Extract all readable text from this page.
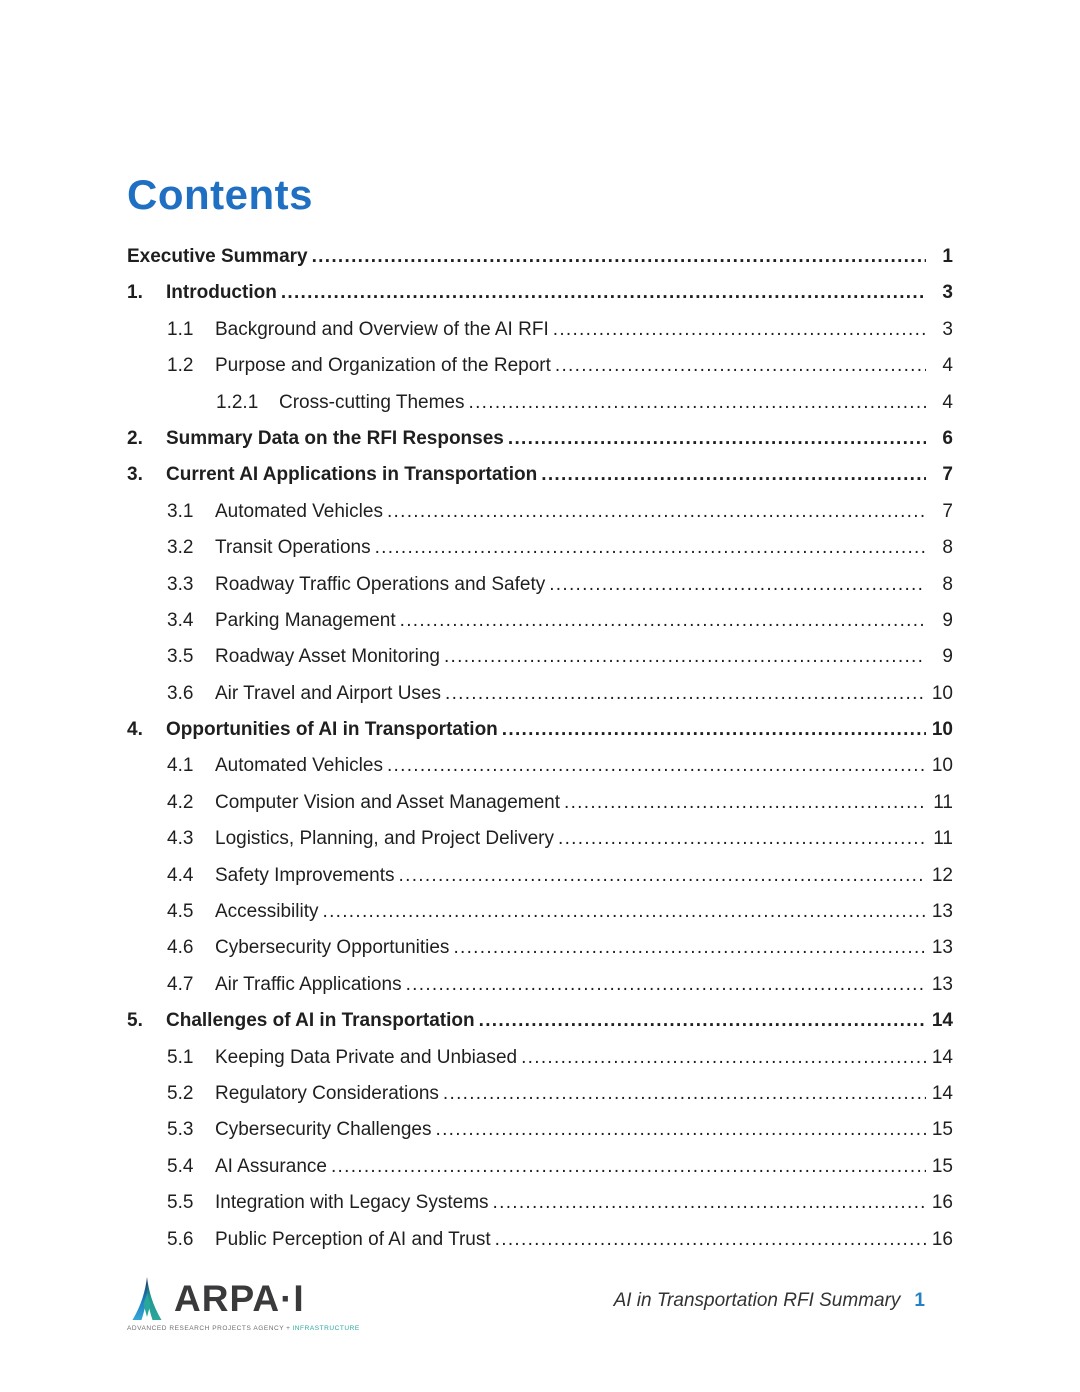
Contents
Executive Summary .....	1
1.	Introduction .....	3
1.1	Background and Overview of the AI RFI .....	3
1.2	Purpose and Organization of the Report .....	4
1.2.1	Cross-cutting Themes .....	4
2.	Summary Data on the RFI Responses .....	6
3.	Current AI Applications in Transportation .....	7
3.1	Automated Vehicles .....	7
3.2	Transit Operations .....	8
3.3	Roadway Traffic Operations and Safety .....	8
3.4	Parking Management .....	9
3.5	Roadway Asset Monitoring .....	9
3.6	Air Travel and Airport Uses .....	10
4.	Opportunities of AI in Transportation .....	10
4.1	Automated Vehicles .....	10
4.2	Computer Vision and Asset Management .....	11
4.3	Logistics, Planning, and Project Delivery .....	11
4.4	Safety Improvements .....	12
4.5	Accessibility .....	13
4.6	Cybersecurity Opportunities .....	13
4.7	Air Traffic Applications .....	13
5.	Challenges of AI in Transportation .....	14
5.1	Keeping Data Private and Unbiased .....	14
5.2	Regulatory Considerations .....	14
5.3	Cybersecurity Challenges .....	15
5.4	AI Assurance .....	15
5.5	Integration with Legacy Systems .....	16
5.6	Public Perception of AI and Trust .....	16
ARPA·I
ADVANCED RESEARCH PROJECTS AGENCY + INFRASTRUCTURE
AI in Transportation RFI Summary 1
